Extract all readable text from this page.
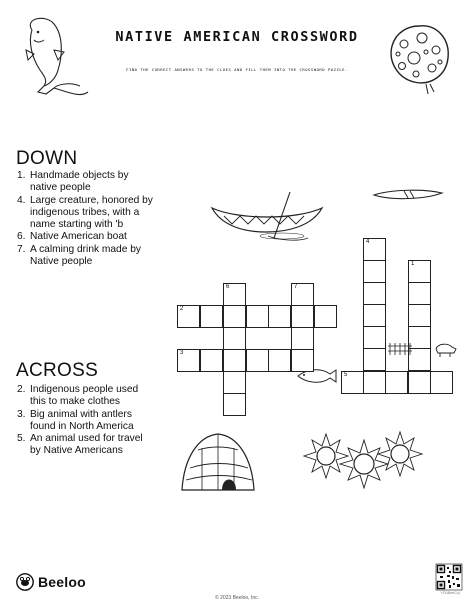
NATIVE AMERICAN CROSSWORD
FIND THE CORRECT ANSWERS TO THE CLUES AND FILL THEM INTO THE CROSSWORD PUZZLE.
DOWN
1. Handmade objects by native people
4. Large creature, honored by indigenous tribes, with a name starting with 'b
6. Native American boat
7. A calming drink made by Native people
ACROSS
2. Indigenous people used this to make clothes
3. Big animal with antlers found in North America
5. An animal used for travel by Native Americans
4
1
5
6	7
2
3
Beeloo
© 2023 Beeloo, Inc.
YOUBeeCoj
